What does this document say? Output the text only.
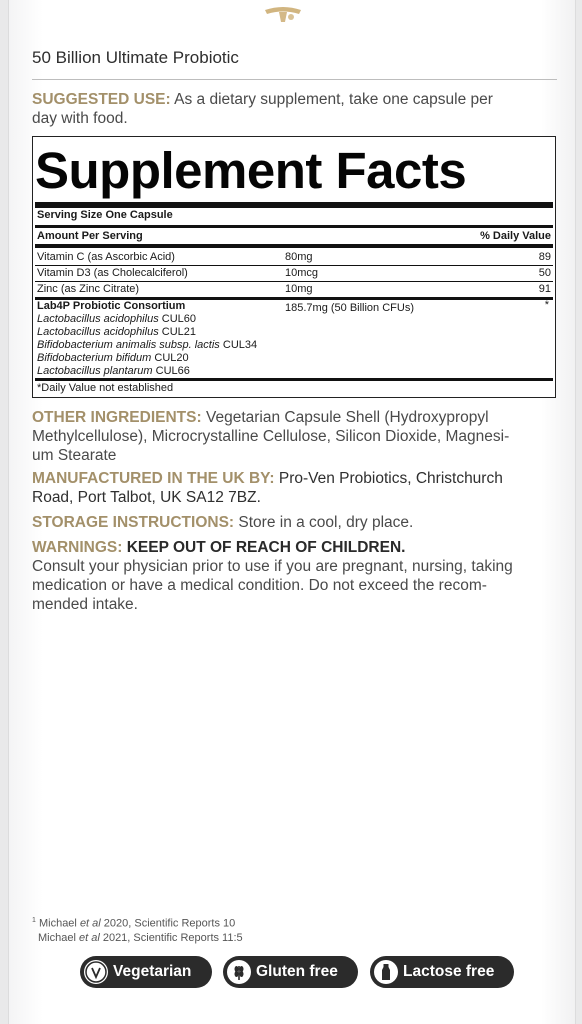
50 Billion Ultimate Probiotic
SUGGESTED USE: As a dietary supplement, take one capsule per
day with food.
Supplement Facts
Serving Size One Capsule
Amount Per Serving	% Daily Value
Vitamin C (as Ascorbic Acid)	80mg	89
Vitamin D3 (as Cholecalciferol)	10mcg	50
Zinc (as Zinc Citrate)	10mg	91
Lab4P Probiotic Consortium	185.7mg (50 Billion CFUs)	*
Lactobacillus acidophilus CUL60
Lactobacillus acidophilus CUL21
Bifidobacterium animalis subsp. lactis CUL34
Bifidobacterium bifidum CUL20
Lactobacillus plantarum CUL66
*Daily Value not established
OTHER INGREDIENTS: Vegetarian Capsule Shell (Hydroxypropyl
Methylcellulose), Microcrystalline Cellulose, Silicon Dioxide, Magnesi-
um Stearate
MANUFACTURED IN THE UK BY: Pro-Ven Probiotics, Christchurch
Road, Port Talbot, UK SA12 7BZ.
STORAGE INSTRUCTIONS: Store in a cool, dry place.
WARNINGS: KEEP OUT OF REACH OF CHILDREN.
Consult your physician prior to use if you are pregnant, nursing, taking
medication or have a medical condition. Do not exceed the recom-
mended intake.
$^1$ Michael et al 2020, Scientific Reports 10
Michael et al 2021, Scientific Reports 11:5
Vegetarian	Gluten free	Lactose free
